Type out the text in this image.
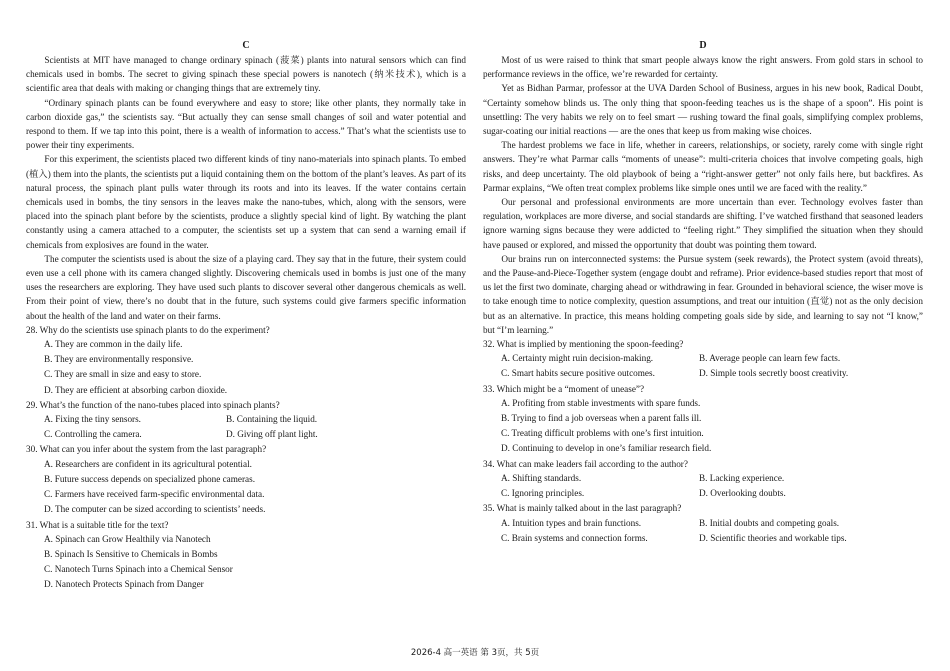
C

Scientists at MIT have managed to change ordinary spinach (菠菜) plants into natural sensors which can find chemicals used in bombs. The secret to giving spinach these special powers is nanotech (纳米技术), which is a scientific area that deals with making or changing things that are extremely tiny.

“Ordinary spinach plants can be found everywhere and easy to store; like other plants, they normally take in carbon dioxide gas,” the scientists say. “But actually they can sense small changes of soil and water potential and respond to them. If we tap into this point, there is a wealth of information to access.” That’s what the scientists use to power their tiny experiments.

For this experiment, the scientists placed two different kinds of tiny nano-materials into spinach plants. To embed (植入) them into the plants, the scientists put a liquid containing them on the bottom of the plant’s leaves. As part of its natural process, the spinach plant pulls water through its roots and into its leaves. If the water contains certain chemicals used in bombs, the tiny sensors in the leaves make the nano-tubes, which, along with the sensors, were placed into the spinach plant before by the scientists, produce a slightly special kind of light. By watching the plant constantly using a camera attached to a computer, the scientists set up a system that can send a warning email if chemicals from explosives are found in the water.

The computer the scientists used is about the size of a playing card. They say that in the future, their system could even use a cell phone with its camera changed slightly. Discovering chemicals used in bombs is just one of the many uses the researchers are exploring. They have used such plants to discover several other dangerous chemicals as well. From their point of view, there’s no doubt that in the future, such systems could give farmers specific information about the health of the land and water on their farms.

28. Why do the scientists use spinach plants to do the experiment?

A. They are common in the daily life.
B. They are environmentally responsive.
C. They are small in size and easy to store.
D. They are efficient at absorbing carbon dioxide.

29. What’s the function of the nano-tubes placed into spinach plants?

A. Fixing the tiny sensors.	B. Containing the liquid.
C. Controlling the camera.	D. Giving off plant light.

30. What can you infer about the system from the last paragraph?

A. Researchers are confident in its agricultural potential.
B. Future success depends on specialized phone cameras.
C. Farmers have received farm-specific environmental data.
D. The computer can be sized according to scientists’ needs.

31. What is a suitable title for the text?

A. Spinach can Grow Healthily via Nanotech
B. Spinach Is Sensitive to Chemicals in Bombs
C. Nanotech Turns Spinach into a Chemical Sensor
D. Nanotech Protects Spinach from Danger
D

Most of us were raised to think that smart people always know the right answers. From gold stars in school to performance reviews in the office, we’re rewarded for certainty.

Yet as Bidhan Parmar, professor at the UVA Darden School of Business, argues in his new book, Radical Doubt, “Certainty somehow blinds us. The only thing that spoon-feeding teaches us is the shape of a spoon”. His point is unsettling: The very habits we rely on to feel smart — rushing toward the final goals, simplifying complex problems, sugar-coating our initial reactions — are the ones that keep us from making wise choices.

The hardest problems we face in life, whether in careers, relationships, or society, rarely come with single right answers. They’re what Parmar calls “moments of unease”: multi-criteria choices that involve competing goals, high risks, and deep uncertainty. The old playbook of being a “right-answer getter” not only fails here, but backfires. As Parmar explains, “We often treat complex problems like simple ones until we are faced with the reality.”

Our personal and professional environments are more uncertain than ever. Technology evolves faster than regulation, workplaces are more diverse, and social standards are shifting. I’ve watched firsthand that seasoned leaders ignore warning signs because they were addicted to “feeling right.” They simplified the situation when they should have paused or explored, and missed the opportunity that doubt was pointing them toward.

Our brains run on interconnected systems: the Pursue system (seek rewards), the Protect system (avoid threats), and the Pause-and-Piece-Together system (engage doubt and reframe). Prior evidence-based studies report that most of us let the first two dominate, charging ahead or withdrawing in fear. Grounded in behavioral science, the wiser move is to take enough time to notice complexity, question assumptions, and treat our intuition (直觉) not as the only decision but as an alternative. In practice, this means holding competing goals side by side, and learning to say not “I know,” but “I’m learning.”

32. What is implied by mentioning the spoon-feeding?

A. Certainty might ruin decision-making.	B. Average people can learn few facts.
C. Smart habits secure positive outcomes.	D. Simple tools secretly boost creativity.

33. Which might be a “moment of unease”?

A. Profiting from stable investments with spare funds.
B. Trying to find a job overseas when a parent falls ill.
C. Treating difficult problems with one’s first intuition.
D. Continuing to develop in one’s familiar research field.

34. What can make leaders fail according to the author?

A. Shifting standards.	B. Lacking experience.
C. Ignoring principles.	D. Overlooking doubts.

35. What is mainly talked about in the last paragraph?

A. Intuition types and brain functions.	B. Initial doubts and competing goals.
C. Brain systems and connection forms.	D. Scientific theories and workable tips.
2026-4 高一英语 第 3页，共 5页
